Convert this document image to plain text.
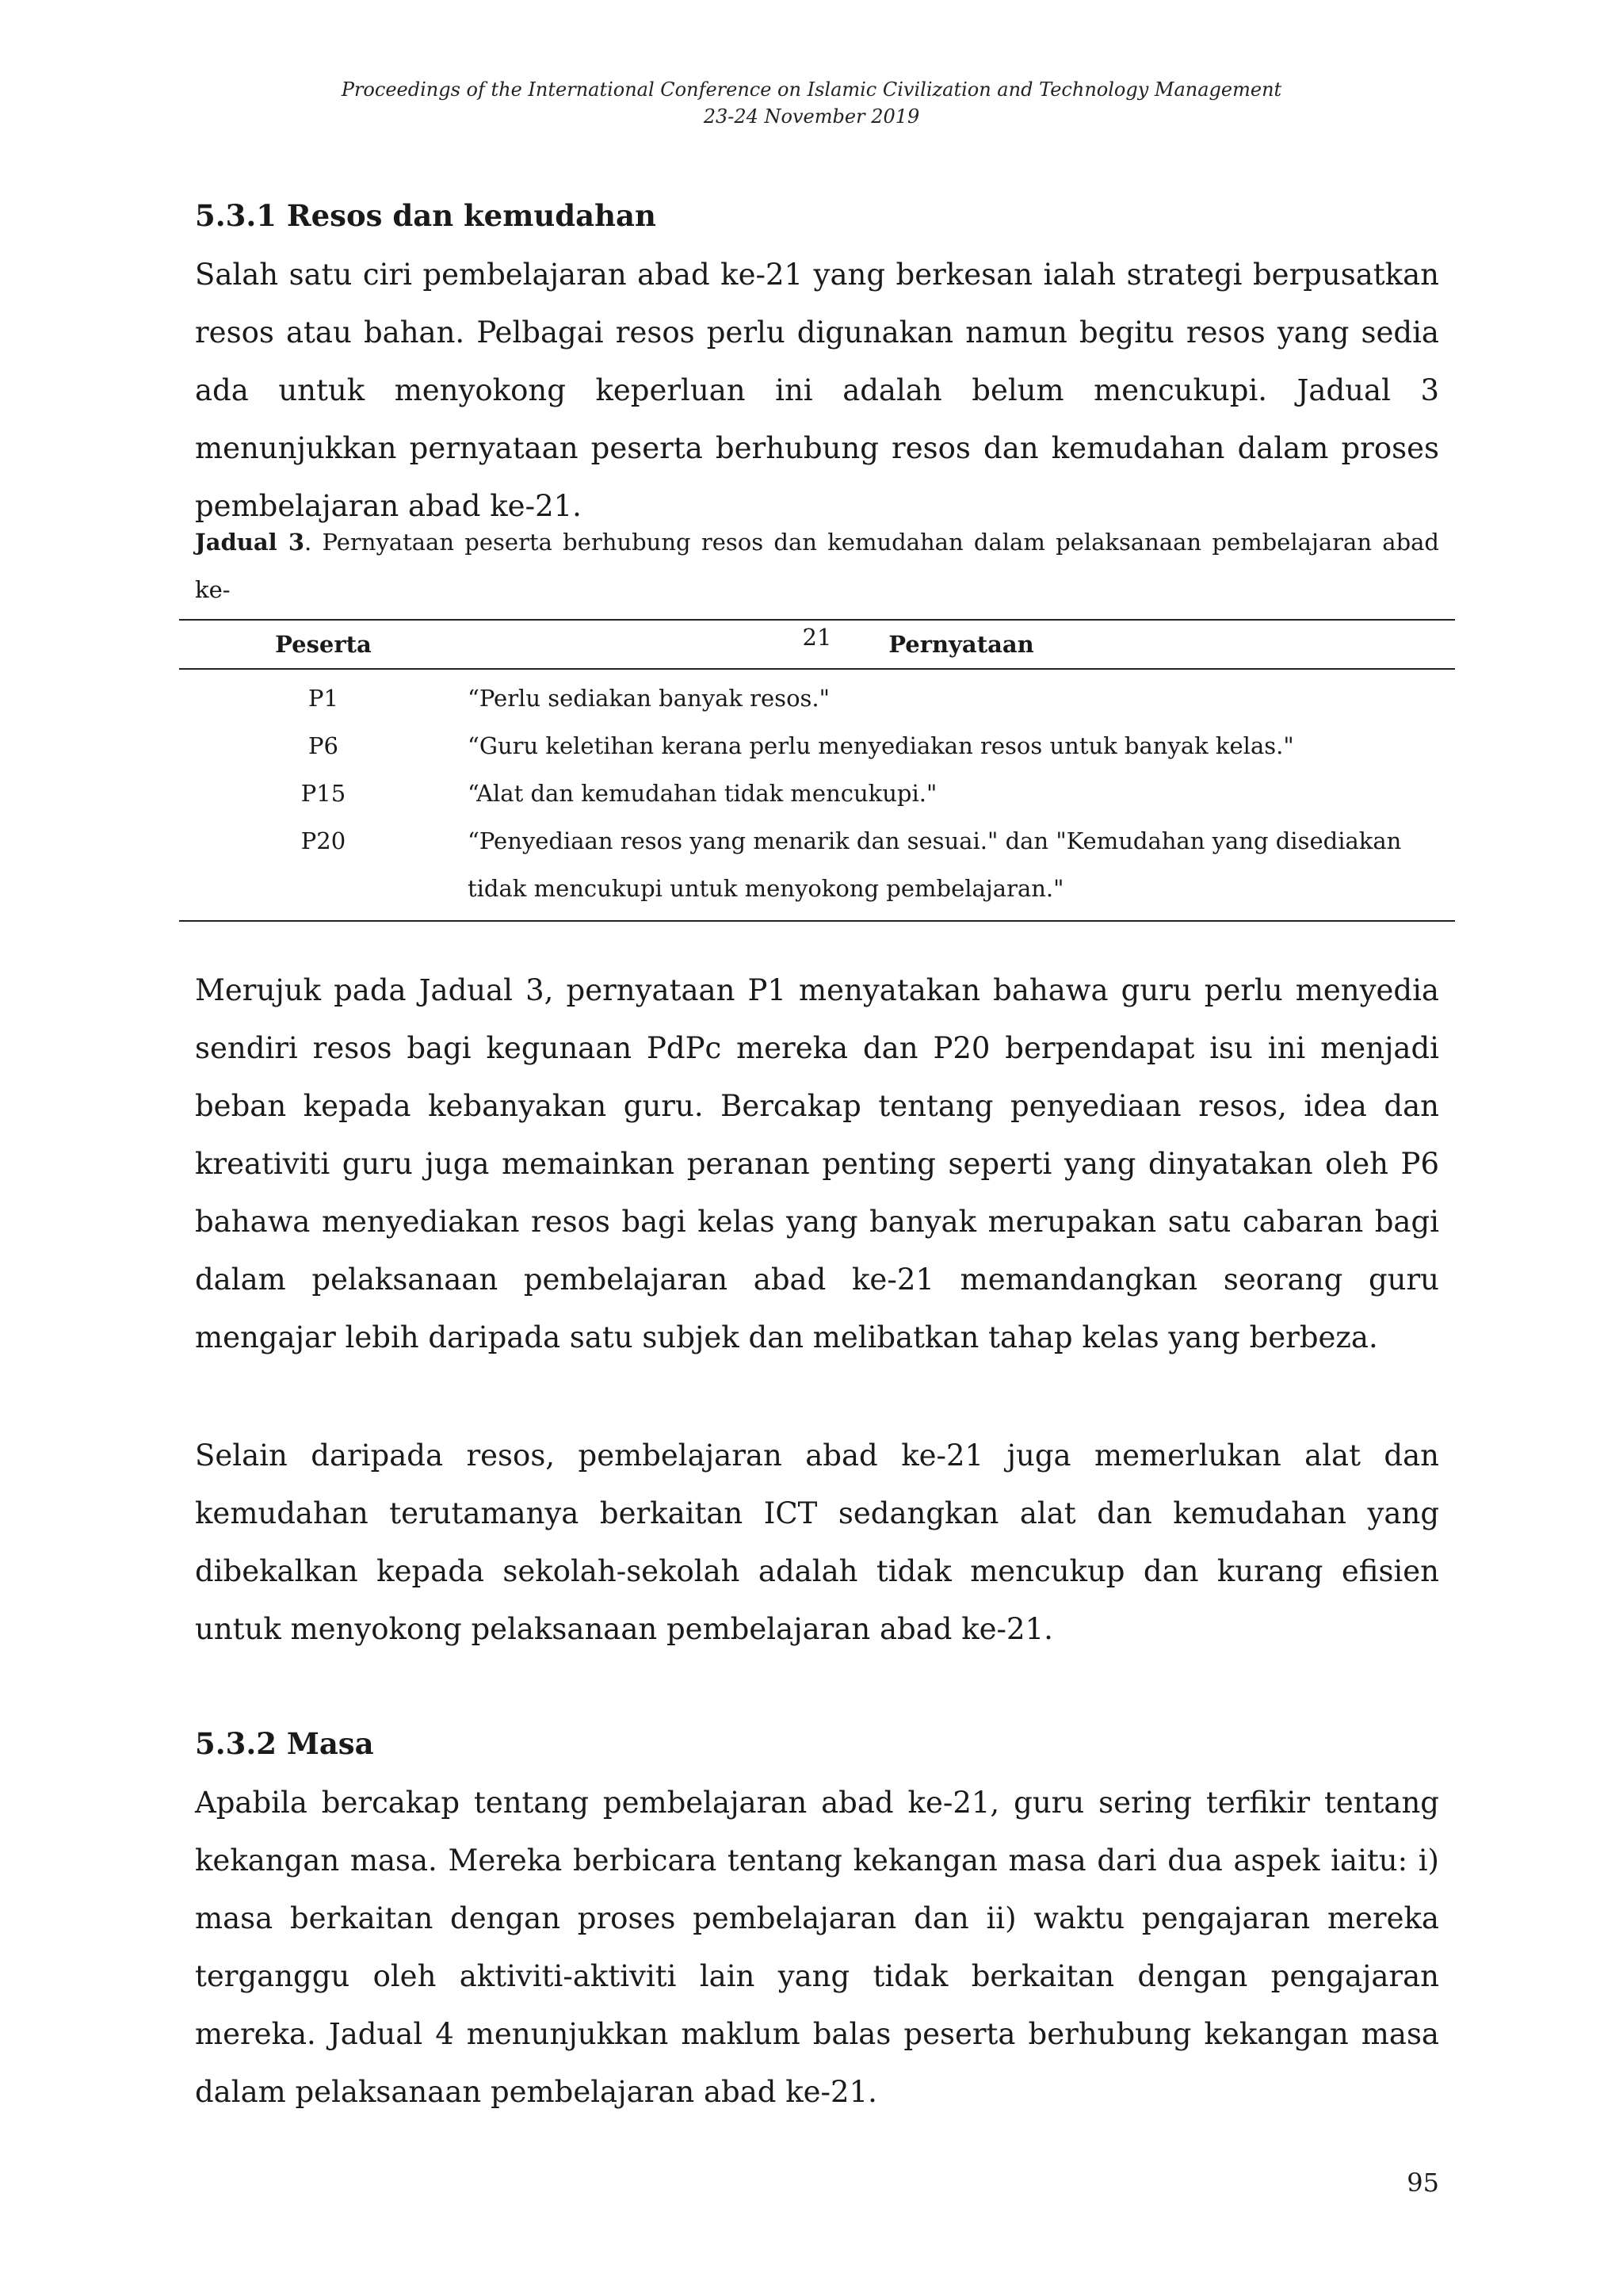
Proceedings of the International Conference on Islamic Civilization and Technology Management
23-24 November 2019
5.3.1 Resos dan kemudahan

Salah satu ciri pembelajaran abad ke-21 yang berkesan ialah strategi berpusatkan resos atau bahan. Pelbagai resos perlu digunakan namun begitu resos yang sedia ada untuk menyokong keperluan ini adalah belum mencukupi. Jadual 3 menunjukkan pernyataan peserta berhubung resos dan kemudahan dalam proses pembelajaran abad ke-21.

Jadual 3. Pernyataan peserta berhubung resos dan kemudahan dalam pelaksanaan pembelajaran abad ke-
21
Peserta	Pernyataan
P1	“Perlu sediakan banyak resos."
P6	“Guru keletihan kerana perlu menyediakan resos untuk banyak kelas."
P15	“Alat dan kemudahan tidak mencukupi."
P20	“Penyediaan resos yang menarik dan sesuai." dan "Kemudahan yang disediakan tidak mencukupi untuk menyokong pembelajaran."

Merujuk pada Jadual 3, pernyataan P1 menyatakan bahawa guru perlu menyedia sendiri resos bagi kegunaan PdPc mereka dan P20 berpendapat isu ini menjadi beban kepada kebanyakan guru. Bercakap tentang penyediaan resos, idea dan kreativiti guru juga memainkan peranan penting seperti yang dinyatakan oleh P6 bahawa menyediakan resos bagi kelas yang banyak merupakan satu cabaran bagi dalam pelaksanaan pembelajaran abad ke-21 memandangkan seorang guru mengajar lebih daripada satu subjek dan melibatkan tahap kelas yang berbeza.

Selain daripada resos, pembelajaran abad ke-21 juga memerlukan alat dan kemudahan terutamanya berkaitan ICT sedangkan alat dan kemudahan yang dibekalkan kepada sekolah-sekolah adalah tidak mencukup dan kurang efisien untuk menyokong pelaksanaan pembelajaran abad ke-21.

5.3.2 Masa

Apabila bercakap tentang pembelajaran abad ke-21, guru sering terfikir tentang kekangan masa. Mereka berbicara tentang kekangan masa dari dua aspek iaitu: i) masa berkaitan dengan proses pembelajaran dan ii) waktu pengajaran mereka terganggu oleh aktiviti-aktiviti lain yang tidak berkaitan dengan pengajaran mereka. Jadual 4 menunjukkan maklum balas peserta berhubung kekangan masa dalam pelaksanaan pembelajaran abad ke-21.

95
